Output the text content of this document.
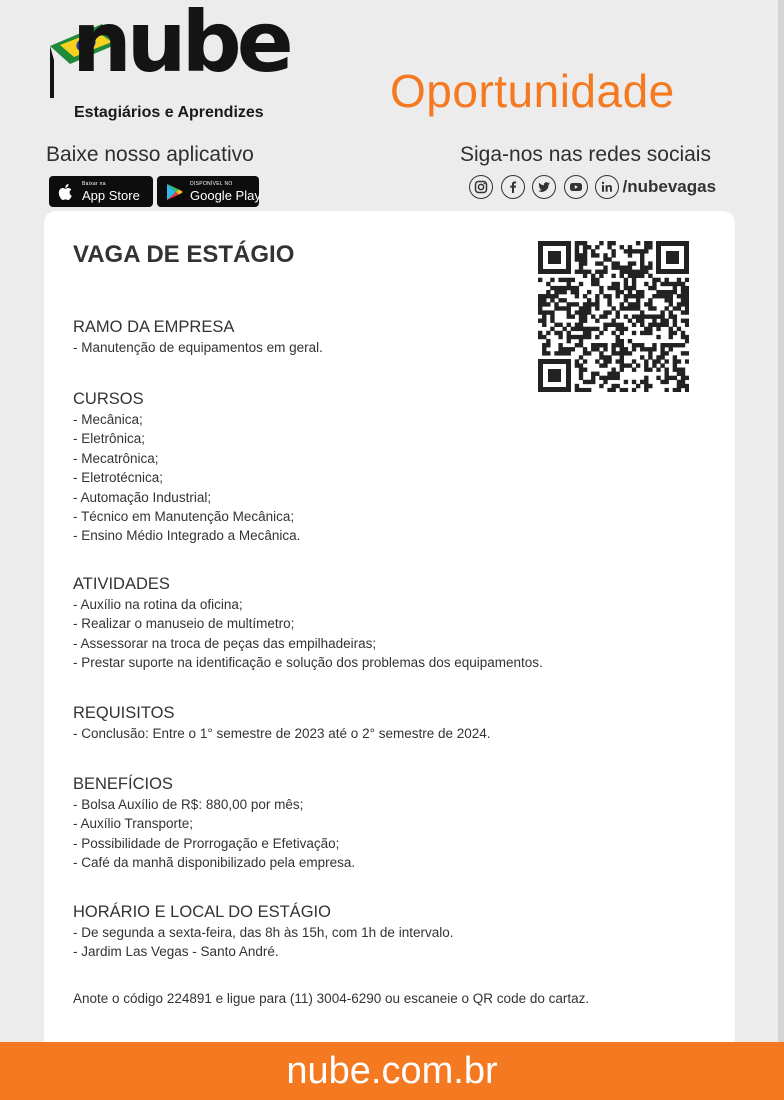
nube
Estagiários e Aprendizes	Oportunidade
Baixe nosso aplicativo	Siga-nos nas redes sociais
Baixar na
App Store
DISPONÍVEL NO
Google Play	/nubevagas
VAGA DE ESTÁGIO
RAMO DA EMPRESA
- Manutenção de equipamentos em geral.
CURSOS
- Mecânica;
- Eletrônica;
- Mecatrônica;
- Eletrotécnica;
- Automação Industrial;
- Técnico em Manutenção Mecânica;
- Ensino Médio Integrado a Mecânica.
ATIVIDADES
- Auxílio na rotina da oficina;
- Realizar o manuseio de multímetro;
- Assessorar na troca de peças das empilhadeiras;
- Prestar suporte na identificação e solução dos problemas dos equipamentos.
REQUISITOS
- Conclusão: Entre o 1° semestre de 2023 até o 2° semestre de 2024.
BENEFÍCIOS
- Bolsa Auxílio de R$: 880,00 por mês;
- Auxílio Transporte;
- Possibilidade de Prorrogação e Efetivação;
- Café da manhã disponibilizado pela empresa.
HORÁRIO E LOCAL DO ESTÁGIO
- De segunda a sexta-feira, das 8h às 15h, com 1h de intervalo.
- Jardim Las Vegas - Santo André.
Anote o código 224891 e ligue para (11) 3004-6290 ou escaneie o QR code do cartaz.
nube.com.br
